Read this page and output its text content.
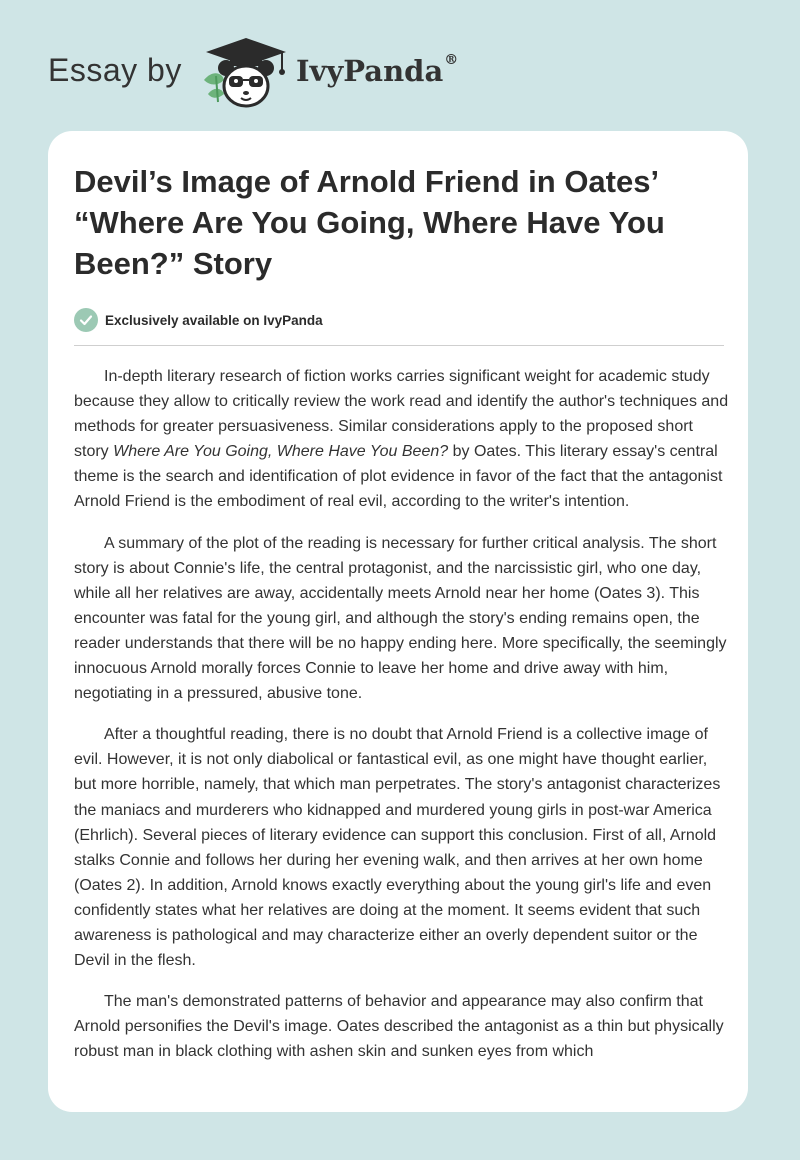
Essay by	IvyPanda®
Devil’s Image of Arnold Friend in Oates’ “Where Are You Going, Where Have You Been?” Story
Exclusively available on IvyPanda

In-depth literary research of fiction works carries significant weight for academic study because they allow to critically review the work read and identify the author's techniques and methods for greater persuasiveness. Similar considerations apply to the proposed short story Where Are You Going, Where Have You Been? by Oates. This literary essay's central theme is the search and identification of plot evidence in favor of the fact that the antagonist Arnold Friend is the embodiment of real evil, according to the writer's intention.

A summary of the plot of the reading is necessary for further critical analysis. The short story is about Connie's life, the central protagonist, and the narcissistic girl, who one day, while all her relatives are away, accidentally meets Arnold near her home (Oates 3). This encounter was fatal for the young girl, and although the story's ending remains open, the reader understands that there will be no happy ending here. More specifically, the seemingly innocuous Arnold morally forces Connie to leave her home and drive away with him, negotiating in a pressured, abusive tone.

After a thoughtful reading, there is no doubt that Arnold Friend is a collective image of evil. However, it is not only diabolical or fantastical evil, as one might have thought earlier, but more horrible, namely, that which man perpetrates. The story's antagonist characterizes the maniacs and murderers who kidnapped and murdered young girls in post-war America (Ehrlich). Several pieces of literary evidence can support this conclusion. First of all, Arnold stalks Connie and follows her during her evening walk, and then arrives at her own home (Oates 2). In addition, Arnold knows exactly everything about the young girl's life and even confidently states what her relatives are doing at the moment. It seems evident that such awareness is pathological and may characterize either an overly dependent suitor or the Devil in the flesh.

The man's demonstrated patterns of behavior and appearance may also confirm that Arnold personifies the Devil's image. Oates described the antagonist as a thin but physically robust man in black clothing with ashen skin and sunken eyes from which
